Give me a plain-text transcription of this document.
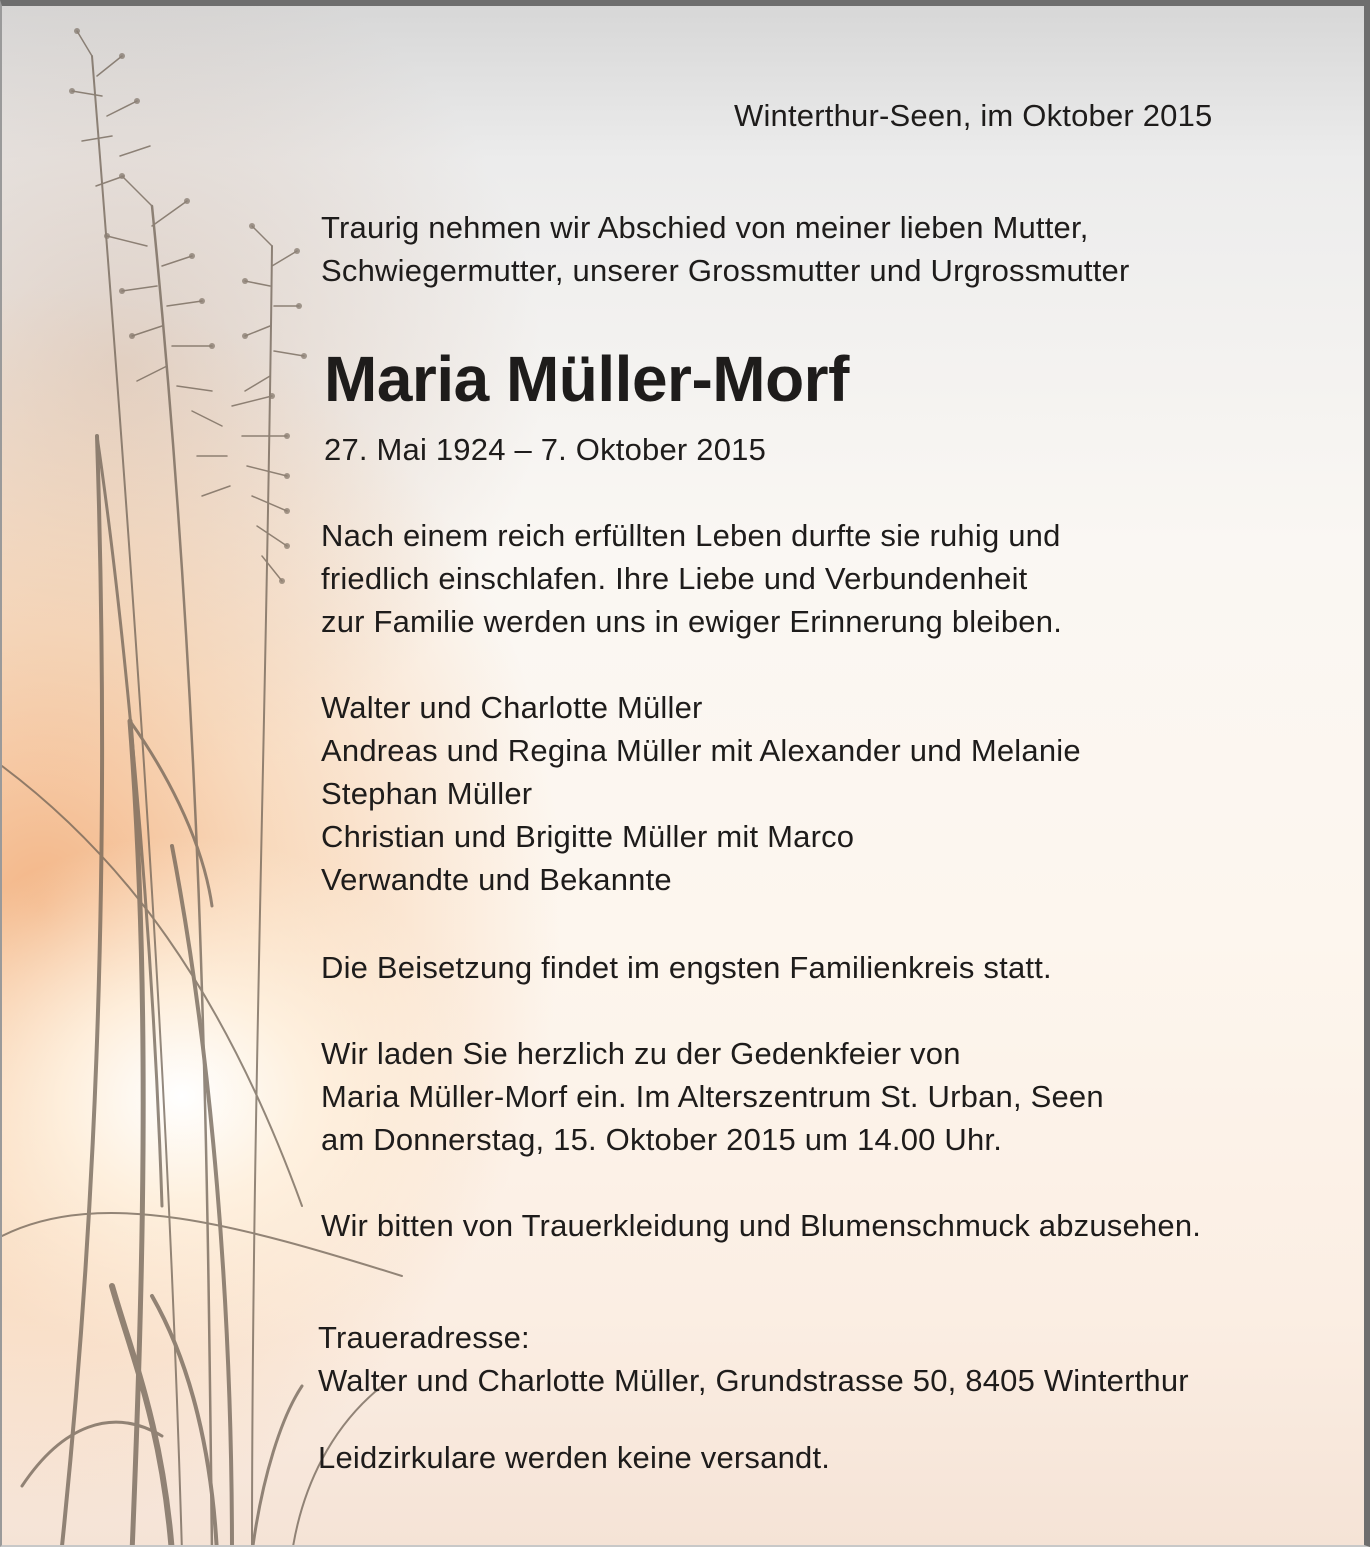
Winterthur-Seen, im Oktober 2015
Traurig nehmen wir Abschied von meiner lieben Mutter,
Schwiegermutter, unserer Grossmutter und Urgrossmutter
Maria Müller-Morf
27. Mai 1924 – 7. Oktober 2015
Nach einem reich erfüllten Leben durfte sie ruhig und
friedlich einschlafen. Ihre Liebe und Verbundenheit
zur Familie werden uns in ewiger Erinnerung bleiben.
Walter und Charlotte Müller
Andreas und Regina Müller mit Alexander und Melanie
Stephan Müller
Christian und Brigitte Müller mit Marco
Verwandte und Bekannte
Die Beisetzung findet im engsten Familienkreis statt.
Wir laden Sie herzlich zu der Gedenkfeier von
Maria Müller-Morf ein. Im Alterszentrum St. Urban, Seen
am Donnerstag, 15. Oktober 2015 um 14.00 Uhr.
Wir bitten von Trauerkleidung und Blumenschmuck abzusehen.
Traueradresse:
Walter und Charlotte Müller, Grundstrasse 50, 8405 Winterthur
Leidzirkulare werden keine versandt.
